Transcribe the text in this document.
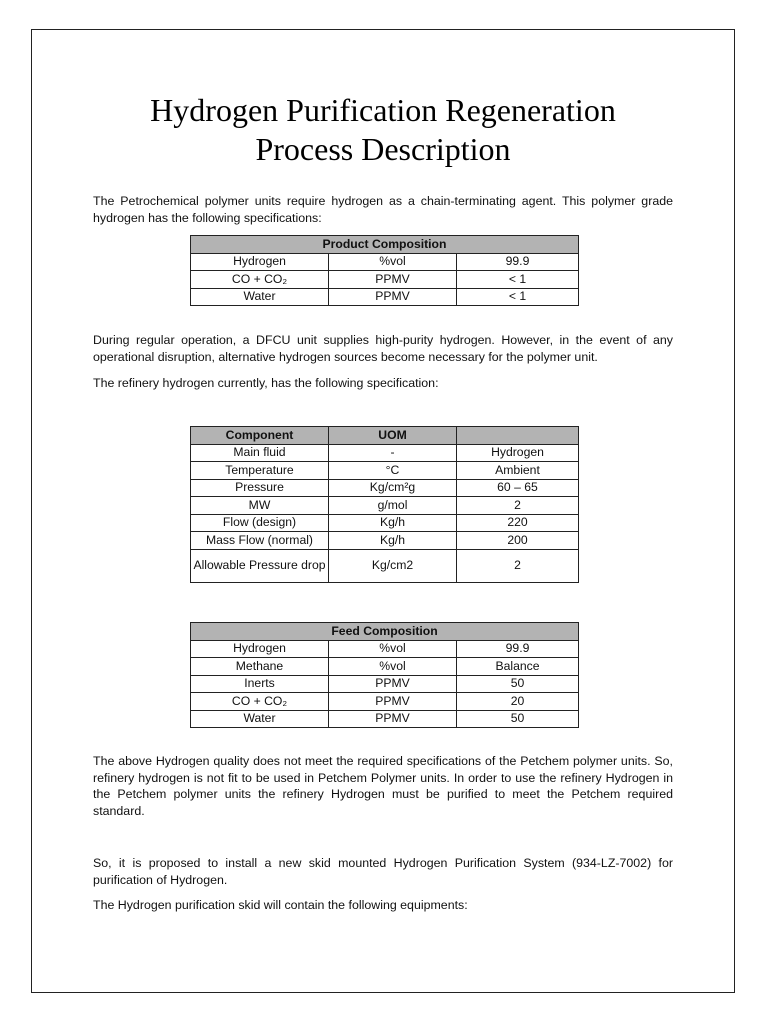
Hydrogen Purification Regeneration
Process Description

The Petrochemical polymer units require hydrogen as a chain-terminating agent. This polymer grade hydrogen has the following specifications:

Product Composition		
Hydrogen	%vol	99.9
CO + CO₂	PPMV	< 1
Water	PPMV	< 1

During regular operation, a DFCU unit supplies high-purity hydrogen. However, in the event of any operational disruption, alternative hydrogen sources become necessary for the polymer unit.

The refinery hydrogen currently, has the following specification:

Component	UOM	
Main fluid	-	Hydrogen
Temperature	°C	Ambient
Pressure	Kg/cm²g	60 – 65
MW	g/mol	2
Flow (design)	Kg/h	220
Mass Flow (normal)	Kg/h	200
Allowable Pressure drop	Kg/cm2	2
Feed Composition		
Hydrogen	%vol	99.9
Methane	%vol	Balance
Inerts	PPMV	50
CO + CO₂	PPMV	20
Water	PPMV	50

The above Hydrogen quality does not meet the required specifications of the Petchem polymer units. So, refinery hydrogen is not fit to be used in Petchem Polymer units. In order to use the refinery Hydrogen in the Petchem polymer units the refinery Hydrogen must be purified to meet the Petchem required standard.

So, it is proposed to install a new skid mounted Hydrogen Purification System (934-LZ-7002) for purification of Hydrogen.

The Hydrogen purification skid will contain the following equipments:
